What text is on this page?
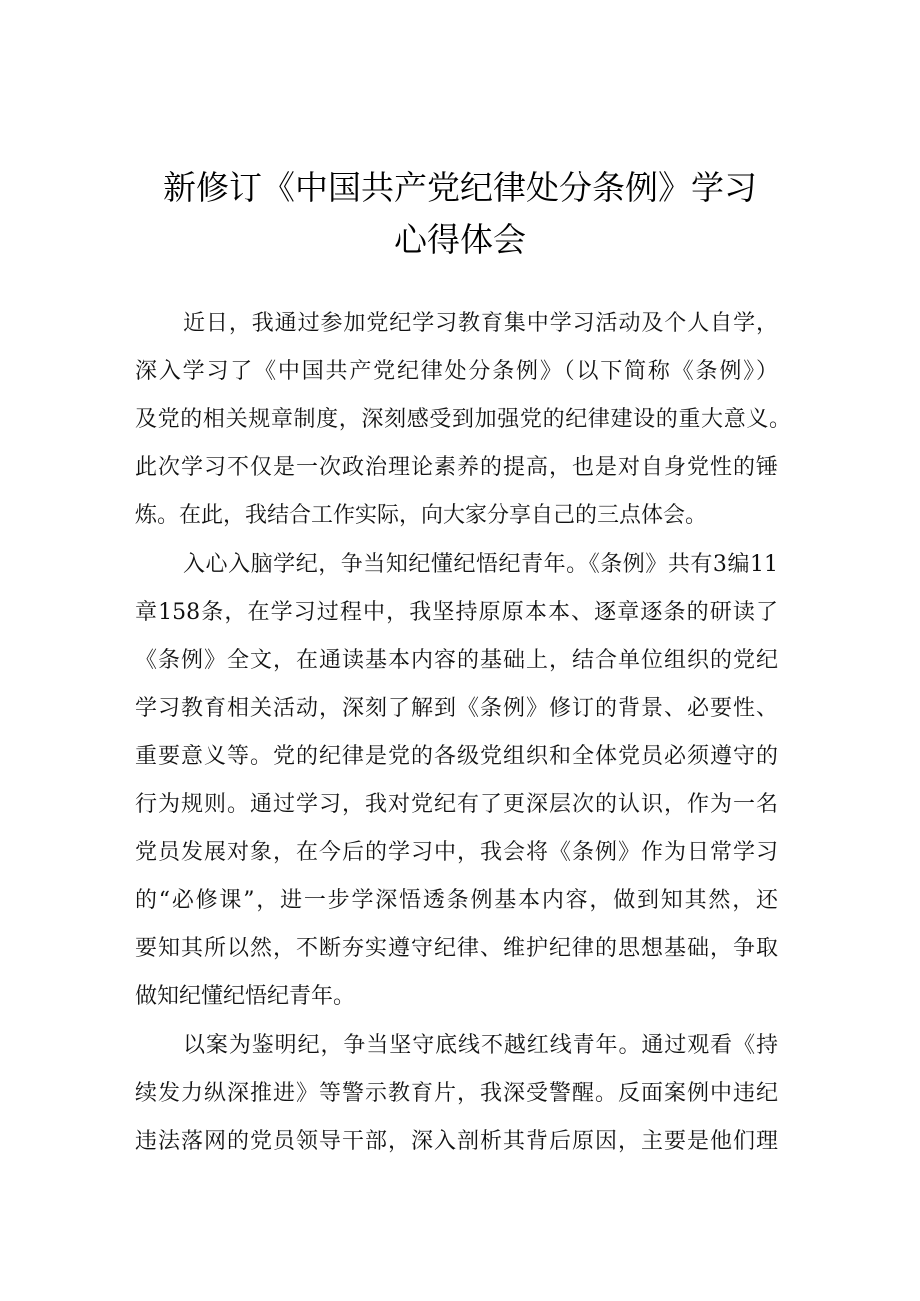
新修订《中国共产党纪律处分条例》学习
心得体会
近日，我通过参加党纪学习教育集中学习活动及个人自学，
深入学习了《中国共产党纪律处分条例》（以下简称《条例》）
及党的相关规章制度，深刻感受到加强党的纪律建设的重大意义。
此次学习不仅是一次政治理论素养的提高，也是对自身党性的锤
炼。在此，我结合工作实际，向大家分享自己的三点体会。
入心入脑学纪，争当知纪懂纪悟纪青年。《条例》共有3编11
章158条，在学习过程中，我坚持原原本本、逐章逐条的研读了
《条例》全文，在通读基本内容的基础上，结合单位组织的党纪
学习教育相关活动，深刻了解到《条例》修订的背景、必要性、
重要意义等。党的纪律是党的各级党组织和全体党员必须遵守的
行为规则。通过学习，我对党纪有了更深层次的认识，作为一名
党员发展对象，在今后的学习中，我会将《条例》作为日常学习
的“必修课”，进一步学深悟透条例基本内容，做到知其然，还
要知其所以然，不断夯实遵守纪律、维护纪律的思想基础，争取
做知纪懂纪悟纪青年。
以案为鉴明纪，争当坚守底线不越红线青年。通过观看《持
续发力纵深推进》等警示教育片，我深受警醒。反面案例中违纪
违法落网的党员领导干部，深入剖析其背后原因，主要是他们理
